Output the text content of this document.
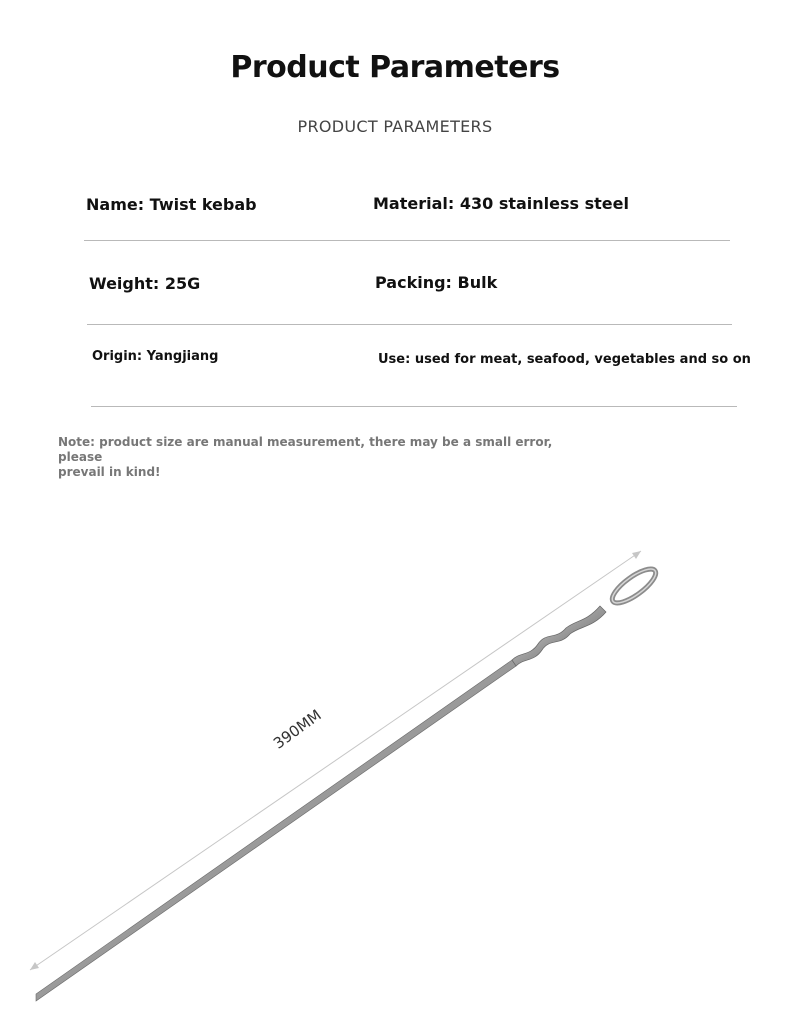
Product Parameters
PRODUCT PARAMETERS
Name: Twist kebab	Material: 430 stainless steel
Weight: 25G	Packing: Bulk
Origin: Yangjiang	Use: used for meat, seafood, vegetables and so on
Note: product size are manual measurement, there may be a small error, please
prevail in kind!
390MM
